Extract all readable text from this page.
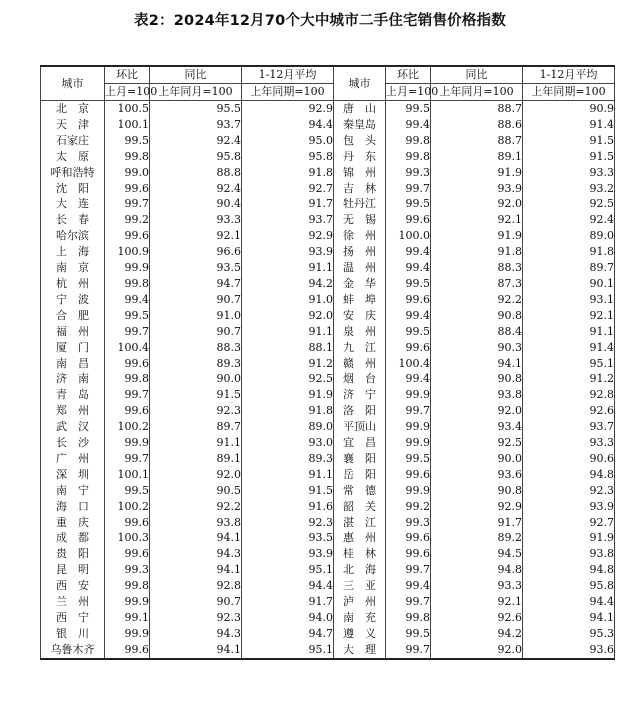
表2：2024年12月70个大中城市二手住宅销售价格指数
城市	环比	同比	1-12月平均	城市	环比	同比	1-12月平均
	上月=100	上年同月=100	上年同期=100		上月=100	上年同月=100	上年同期=100
北　京	100.5	95.5	92.9	唐　山	99.5	88.7	90.9
天　津	100.1	93.7	94.4	秦皇岛	99.4	88.6	91.4
石家庄	99.5	92.4	95.0	包　头	99.8	88.7	91.5
太　原	99.8	95.8	95.8	丹　东	99.8	89.1	91.5
呼和浩特	99.0	88.8	91.8	锦　州	99.3	91.9	93.3
沈　阳	99.6	92.4	92.7	吉　林	99.7	93.9	93.2
大　连	99.7	90.4	91.7	牡丹江	99.5	92.0	92.5
长　春	99.2	93.3	93.7	无　锡	99.6	92.1	92.4
哈尔滨	99.6	92.1	92.9	徐　州	100.0	91.9	89.0
上　海	100.9	96.6	93.9	扬　州	99.4	91.8	91.8
南　京	99.9	93.5	91.1	温　州	99.4	88.3	89.7
杭　州	99.8	94.7	94.2	金　华	99.5	87.3	90.1
宁　波	99.4	90.7	91.0	蚌　埠	99.6	92.2	93.1
合　肥	99.5	91.0	92.0	安　庆	99.4	90.8	92.1
福　州	99.7	90.7	91.1	泉　州	99.5	88.4	91.1
厦　门	100.4	88.3	88.1	九　江	99.6	90.3	91.4
南　昌	99.6	89.3	91.2	赣　州	100.4	94.1	95.1
济　南	99.8	90.0	92.5	烟　台	99.4	90.8	91.2
青　岛	99.7	91.5	91.9	济　宁	99.9	93.8	92.8
郑　州	99.6	92.3	91.8	洛　阳	99.7	92.0	92.6
武　汉	100.2	89.7	89.0	平顶山	99.9	93.4	93.7
长　沙	99.9	91.1	93.0	宜　昌	99.9	92.5	93.3
广　州	99.7	89.1	89.3	襄　阳	99.5	90.0	90.6
深　圳	100.1	92.0	91.1	岳　阳	99.6	93.6	94.8
南　宁	99.5	90.5	91.5	常　德	99.9	90.8	92.3
海　口	100.2	92.2	91.6	韶　关	99.2	92.9	93.9
重　庆	99.6	93.8	92.3	湛　江	99.3	91.7	92.7
成　都	100.3	94.1	93.5	惠　州	99.6	89.2	91.9
贵　阳	99.6	94.3	93.9	桂　林	99.6	94.5	93.8
昆　明	99.3	94.1	95.1	北　海	99.7	94.8	94.8
西　安	99.8	92.8	94.4	三　亚	99.4	93.3	95.8
兰　州	99.9	90.7	91.7	泸　州	99.7	92.1	94.4
西　宁	99.1	92.3	94.0	南　充	99.8	92.6	94.1
银　川	99.9	94.3	94.7	遵　义	99.5	94.2	95.3
乌鲁木齐	99.6	94.1	95.1	大　理	99.7	92.0	93.6
